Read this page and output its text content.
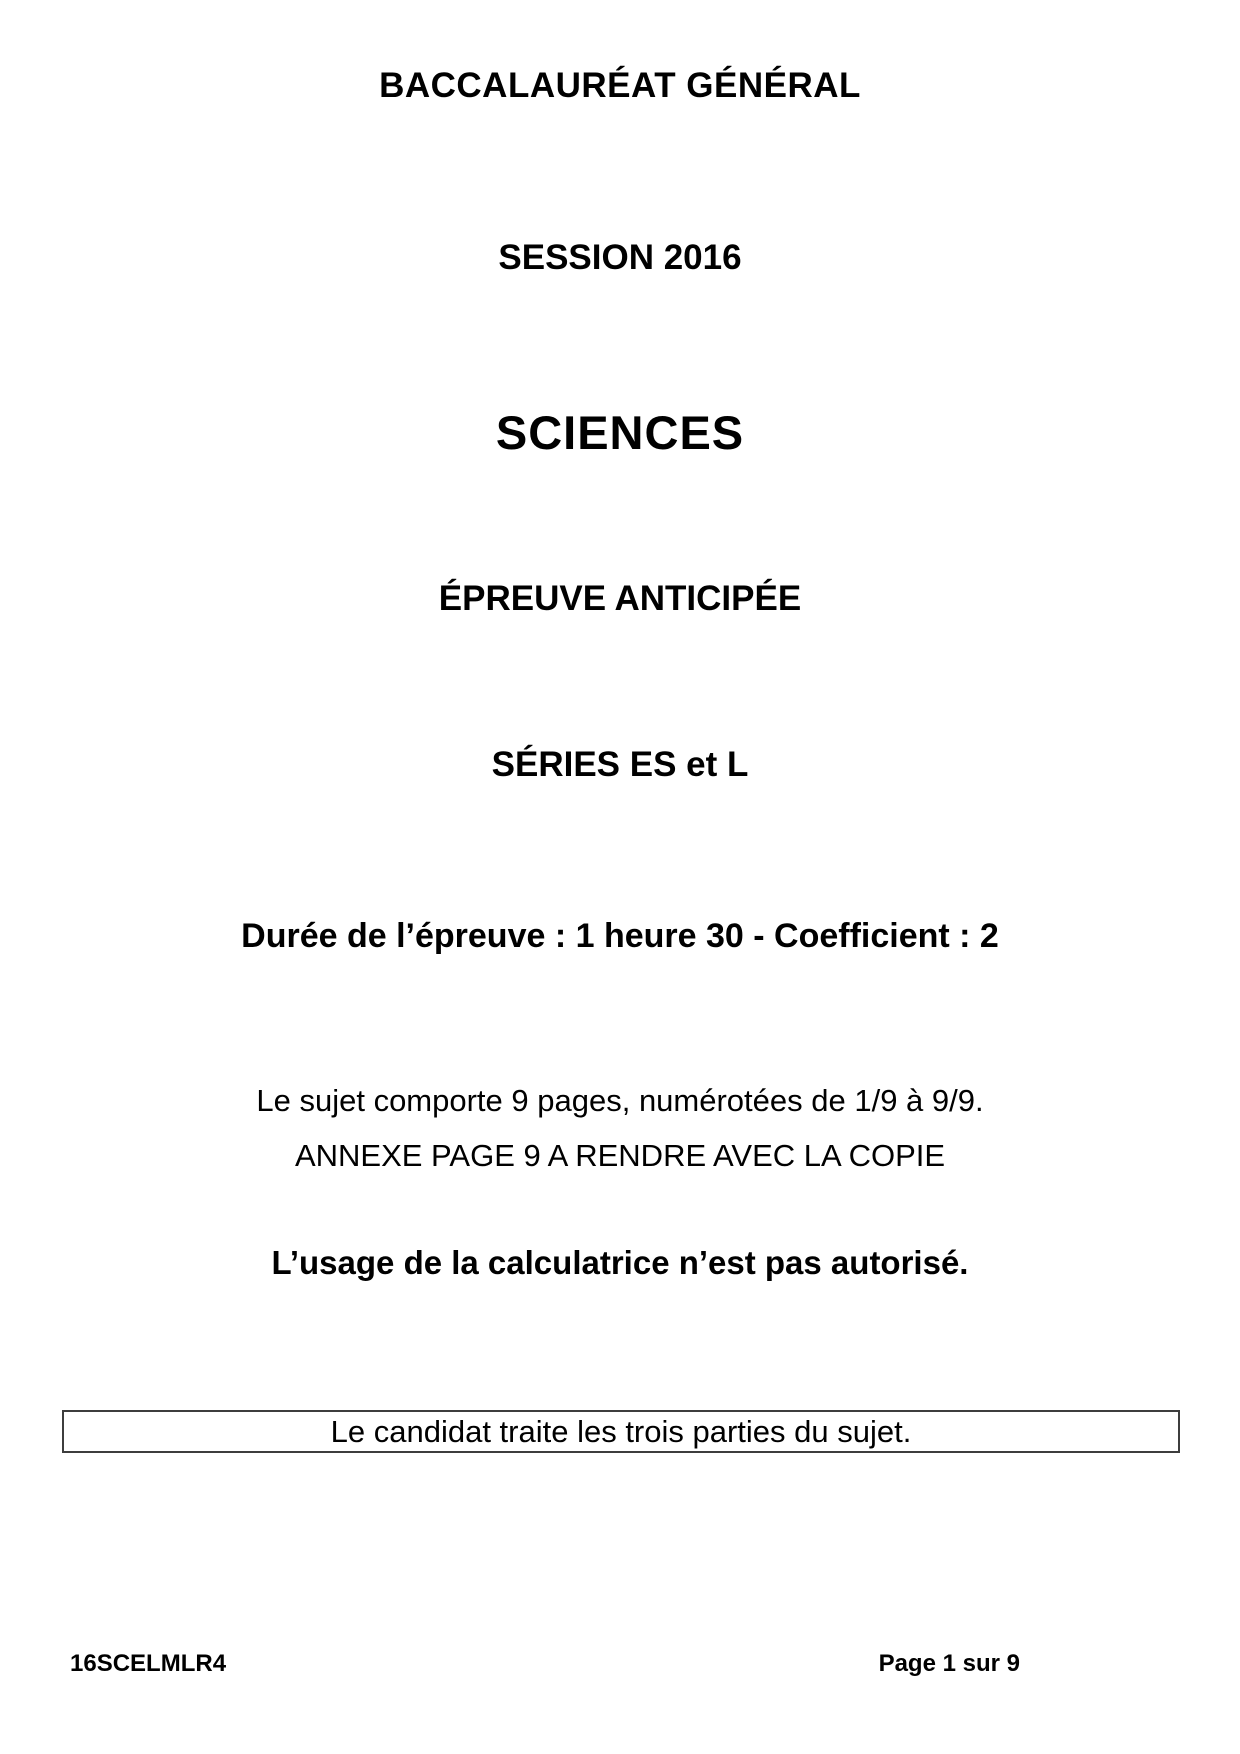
BACCALAURÉAT GÉNÉRAL
SESSION 2016
SCIENCES
ÉPREUVE ANTICIPÉE
SÉRIES ES et L
Durée de l’épreuve : 1 heure 30 - Coefficient : 2
Le sujet comporte 9 pages, numérotées de 1/9 à 9/9.
ANNEXE PAGE 9 A RENDRE AVEC LA COPIE
L’usage de la calculatrice n’est pas autorisé.
Le candidat traite les trois parties du sujet.
16SCELMLR4	Page 1 sur 9
